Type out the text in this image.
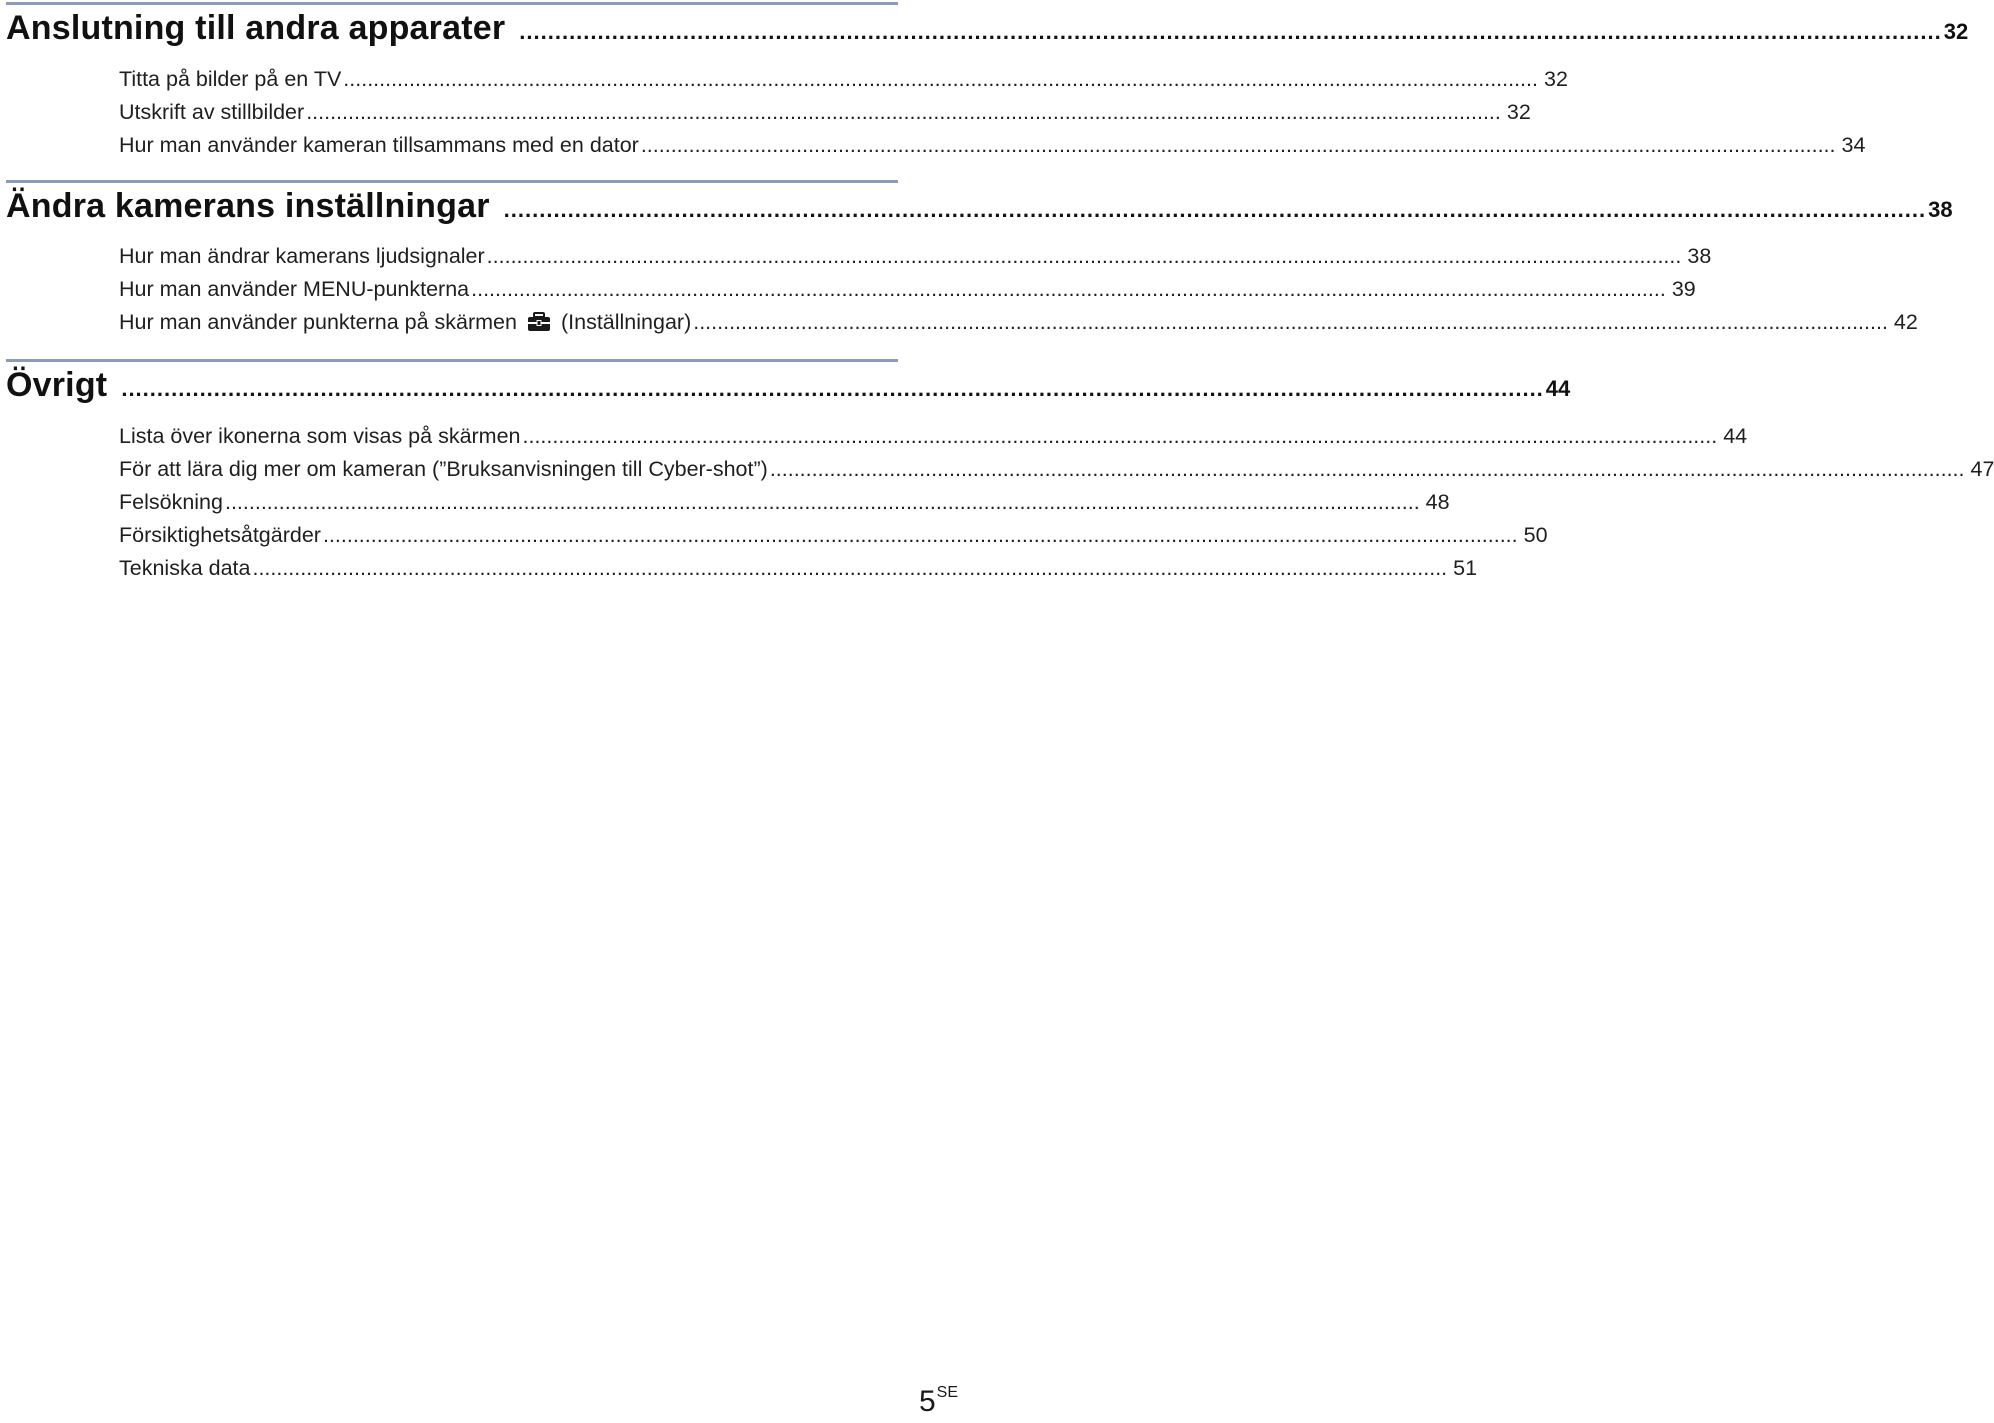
Anslutning till andra apparater ........................................................................................................................................................................................................ 32
Titta på bilder på en TV ........................................................................................................................................................................................................ 32
Utskrift av stillbilder ........................................................................................................................................................................................................ 32
Hur man använder kameran tillsammans med en dator ........................................................................................................................................................................................................ 34
Ändra kamerans inställningar ........................................................................................................................................................................................................ 38
Hur man ändrar kamerans ljudsignaler ........................................................................................................................................................................................................ 38
Hur man använder MENU-punkterna ........................................................................................................................................................................................................ 39
Hur man använder punkterna på skärmen (Inställningar) ........................................................................................................................................................................................................ 42
Övrigt ........................................................................................................................................................................................................ 44
Lista över ikonerna som visas på skärmen ........................................................................................................................................................................................................ 44
För att lära dig mer om kameran (”Bruksanvisningen till Cyber-shot”) ........................................................................................................................................................................................................ 47
Felsökning ........................................................................................................................................................................................................ 48
Försiktighetsåtgärder ........................................................................................................................................................................................................ 50
Tekniska data ........................................................................................................................................................................................................ 51
$5^{SE}$
